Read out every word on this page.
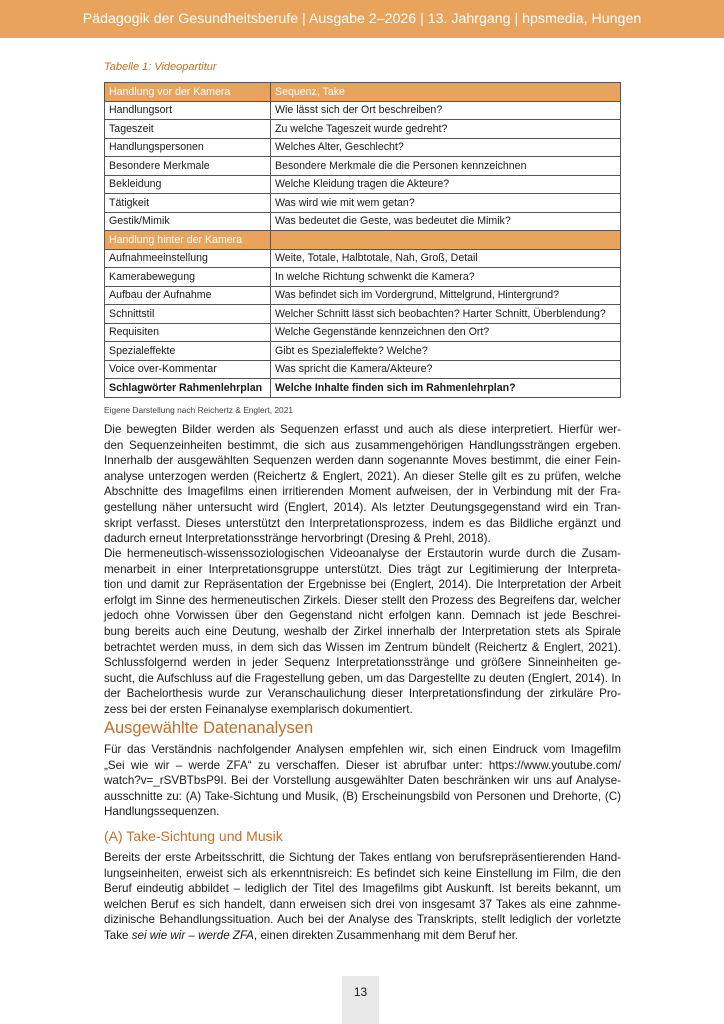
Pädagogik der Gesundheitsberufe | Ausgabe 2–2026 | 13. Jahrgang | hpsmedia, Hungen
Tabelle 1: Videopartitur
Handlung vor der Kamera	Sequenz, Take
Handlungsort	Wie lässt sich der Ort beschreiben?
Tageszeit	Zu welche Tageszeit wurde gedreht?
Handlungspersonen	Welches Alter, Geschlecht?
Besondere Merkmale	Besondere Merkmale die die Personen kennzeichnen
Bekleidung	Welche Kleidung tragen die Akteure?
Tätigkeit	Was wird wie mit wem getan?
Gestik/Mimik	Was bedeutet die Geste, was bedeutet die Mimik?
Handlung hinter der Kamera	
Aufnahmeeinstellung	Weite, Totale, Halbtotale, Nah, Groß, Detail
Kamerabewegung	In welche Richtung schwenkt die Kamera?
Aufbau der Aufnahme	Was befindet sich im Vordergrund, Mittelgrund, Hintergrund?
Schnittstil	Welcher Schnitt lässt sich beobachten? Harter Schnitt, Überblendung?
Requisiten	Welche Gegenstände kennzeichnen den Ort?
Spezialeffekte	Gibt es Spezialeffekte? Welche?
Voice over-Kommentar	Was spricht die Kamera/Akteure?
Schlagwörter Rahmenlehrplan	Welche Inhalte finden sich im Rahmenlehrplan?
Eigene Darstellung nach Reichertz & Englert, 2021
Die bewegten Bilder werden als Sequenzen erfasst und auch als diese interpretiert. Hierfür wer-
den Sequenzeinheiten bestimmt, die sich aus zusammengehörigen Handlungssträngen ergeben.
Innerhalb der ausgewählten Sequenzen werden dann sogenannte Moves bestimmt, die einer Fein-
analyse unterzogen werden (Reichertz & Englert, 2021). An dieser Stelle gilt es zu prüfen, welche
Abschnitte des Imagefilms einen irritierenden Moment aufweisen, der in Verbindung mit der Fra-
gestellung näher untersucht wird (Englert, 2014). Als letzter Deutungsgegenstand wird ein Tran-
skript verfasst. Dieses unterstützt den Interpretationsprozess, indem es das Bildliche ergänzt und
dadurch erneut Interpretationsstränge hervorbringt (Dresing & Prehl, 2018).
Die hermeneutisch-wissenssoziologischen Videoanalyse der Erstautorin wurde durch die Zusam-
menarbeit in einer Interpretationsgruppe unterstützt. Dies trägt zur Legitimierung der Interpreta-
tion und damit zur Repräsentation der Ergebnisse bei (Englert, 2014). Die Interpretation der Arbeit
erfolgt im Sinne des hermeneutischen Zirkels. Dieser stellt den Prozess des Begreifens dar, welcher
jedoch ohne Vorwissen über den Gegenstand nicht erfolgen kann. Demnach ist jede Beschrei-
bung bereits auch eine Deutung, weshalb der Zirkel innerhalb der Interpretation stets als Spirale
betrachtet werden muss, in dem sich das Wissen im Zentrum bündelt (Reichertz & Englert, 2021).
Schlussfolgernd werden in jeder Sequenz Interpretationsstränge und größere Sinneinheiten ge-
sucht, die Aufschluss auf die Fragestellung geben, um das Dargestellte zu deuten (Englert, 2014). In
der Bachelorthesis wurde zur Veranschaulichung dieser Interpretationsfindung der zirkuläre Pro-
zess bei der ersten Feinanalyse exemplarisch dokumentiert.
Ausgewählte Datenanalysen
Für das Verständnis nachfolgender Analysen empfehlen wir, sich einen Eindruck vom Imagefilm
„Sei wie wir – werde ZFA“ zu verschaffen. Dieser ist abrufbar unter: https://www.youtube.com/
watch?v=_rSVBTbsP9I. Bei der Vorstellung ausgewählter Daten beschränken wir uns auf Analyse-
ausschnitte zu: (A) Take-Sichtung und Musik, (B) Erscheinungsbild von Personen und Drehorte, (C)
Handlungssequenzen.
(A) Take-Sichtung und Musik
Bereits der erste Arbeitsschritt, die Sichtung der Takes entlang von berufsrepräsentierenden Hand-
lungseinheiten, erweist sich als erkenntnisreich: Es befindet sich keine Einstellung im Film, die den
Beruf eindeutig abbildet – lediglich der Titel des Imagefilms gibt Auskunft. Ist bereits bekannt, um
welchen Beruf es sich handelt, dann erweisen sich drei von insgesamt 37 Takes als eine zahnme-
dizinische Behandlungssituation. Auch bei der Analyse des Transkripts, stellt lediglich der vorletzte
Take sei wie wir – werde ZFA, einen direkten Zusammenhang mit dem Beruf her.
13
